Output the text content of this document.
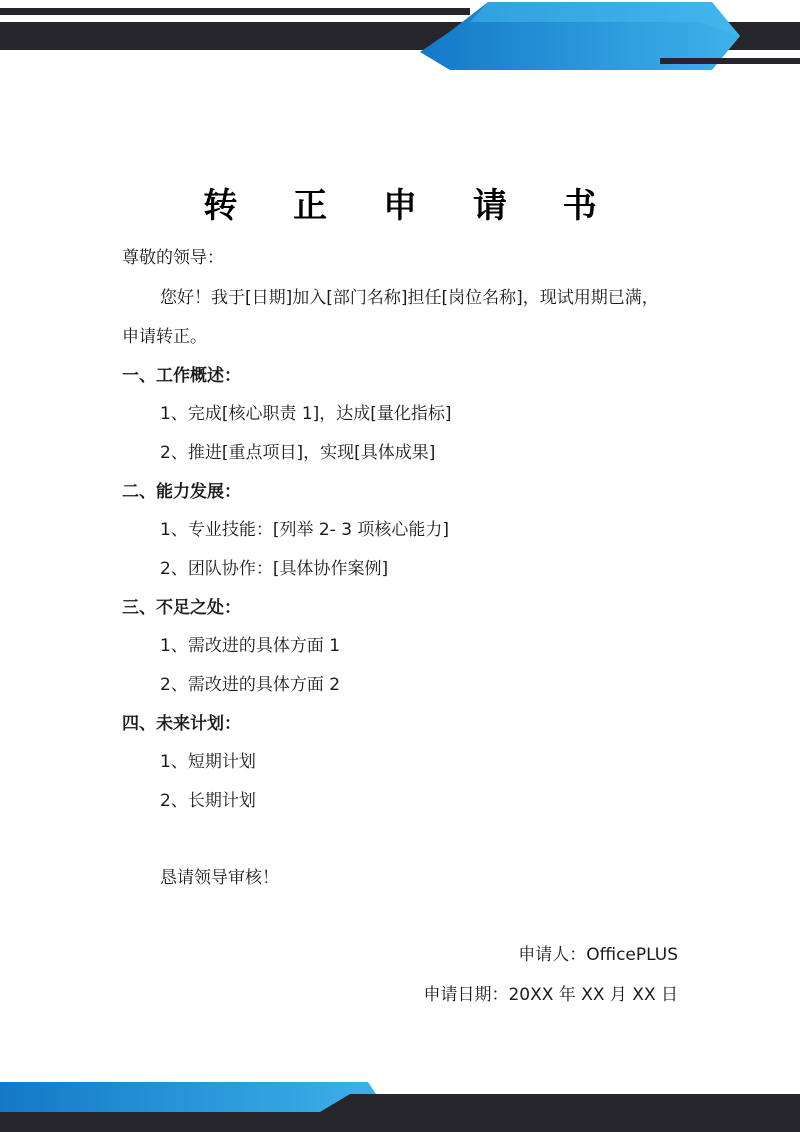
转 正 申 请 书
尊敬的领导：
您好！我于[日期]加入[部门名称]担任[岗位名称]，现试用期已满，
申请转正。
一、工作概述：
1、完成[核心职责 1]，达成[量化指标]
2、推进[重点项目]，实现[具体成果]
二、能力发展：
1、专业技能：[列举 2- 3 项核心能力]
2、团队协作：[具体协作案例]
三、不足之处：
1、需改进的具体方面 1
2、需改进的具体方面 2
四、未来计划：
1、短期计划
2、长期计划
恳请领导审核！
申请人：OfficePLUS
申请日期：20XX 年 XX 月 XX 日
